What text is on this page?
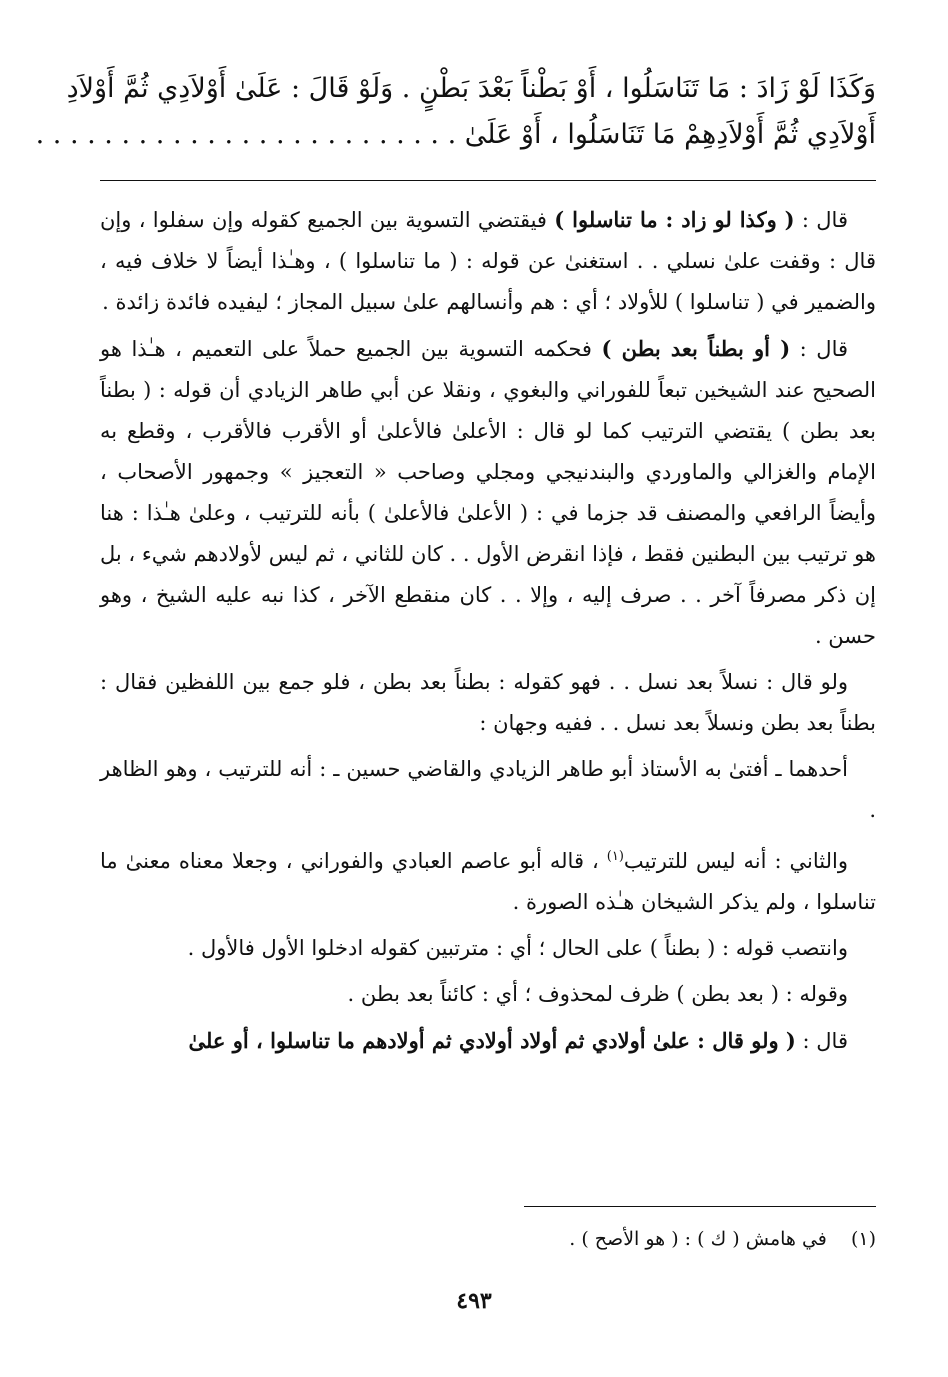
وَكَذَا لَوْ زَادَ : مَا تَنَاسَلُوا ، أَوْ بَطْناً بَعْدَ بَطْنٍ . وَلَوْ قَالَ : عَلَىٰ أَوْلاَدِي ثُمَّ أَوْلاَدِ
أَوْلاَدِي ثُمَّ أَوْلاَدِهِمْ مَا تَنَاسَلُوا ، أَوْ عَلَىٰ . . . . . . . . . . . . . . . . . . . . . . . . .

قال : ( وكذا لو زاد : ما تناسلوا ) فيقتضي التسوية بين الجميع كقوله وإن سفلوا ، وإن قال : وقفت علىٰ نسلي . . استغنىٰ عن قوله : ( ما تناسلوا ) ، وهـٰذا أيضاً لا خلاف فيه ، والضمير في ( تناسلوا ) للأولاد ؛ أي : هم وأنسالهم علىٰ سبيل المجاز ؛ ليفيده فائدة زائدة .

قال : ( أو بطناً بعد بطن ) فحكمه التسوية بين الجميع حملاً على التعميم ، هـٰذا هو الصحيح عند الشيخين تبعاً للفوراني والبغوي ، ونقلا عن أبي طاهر الزيادي أن قوله : ( بطناً بعد بطن ) يقتضي الترتيب كما لو قال : الأعلىٰ فالأعلىٰ أو الأقرب فالأقرب ، وقطع به الإمام والغزالي والماوردي والبندنيجي ومجلي وصاحب « التعجيز » وجمهور الأصحاب ، وأيضاً الرافعي والمصنف قد جزما في : ( الأعلىٰ فالأعلىٰ ) بأنه للترتيب ، وعلىٰ هـٰذا : هنا هو ترتيب بين البطنين فقط ، فإذا انقرض الأول . . كان للثاني ، ثم ليس لأولادهم شيء ، بل إن ذكر مصرفاً آخر . . صرف إليه ، وإلا . . كان منقطع الآخر ، كذا نبه عليه الشيخ ، وهو حسن .

ولو قال : نسلاً بعد نسل . . فهو كقوله : بطناً بعد بطن ، فلو جمع بين اللفظين فقال : بطناً بعد بطن ونسلاً بعد نسل . . ففيه وجهان :

أحدهما ـ أفتىٰ به الأستاذ أبو طاهر الزيادي والقاضي حسين ـ : أنه للترتيب ، وهو الظاهر .

والثاني : أنه ليس للترتيب$^{(١)}$ ، قاله أبو عاصم العبادي والفوراني ، وجعلا معناه معنىٰ ما تناسلوا ، ولم يذكر الشيخان هـٰذه الصورة .

وانتصب قوله : ( بطناً ) على الحال ؛ أي : مترتبين كقوله ادخلوا الأول فالأول .

وقوله : ( بعد بطن ) ظرف لمحذوف ؛ أي : كائناً بعد بطن .

قال : ( ولو قال : علىٰ أولادي ثم أولاد أولادي ثم أولادهم ما تناسلوا ، أو علىٰ

(١) في هامش ( ك ) : ( هو الأصح ) .
٤٩٣
